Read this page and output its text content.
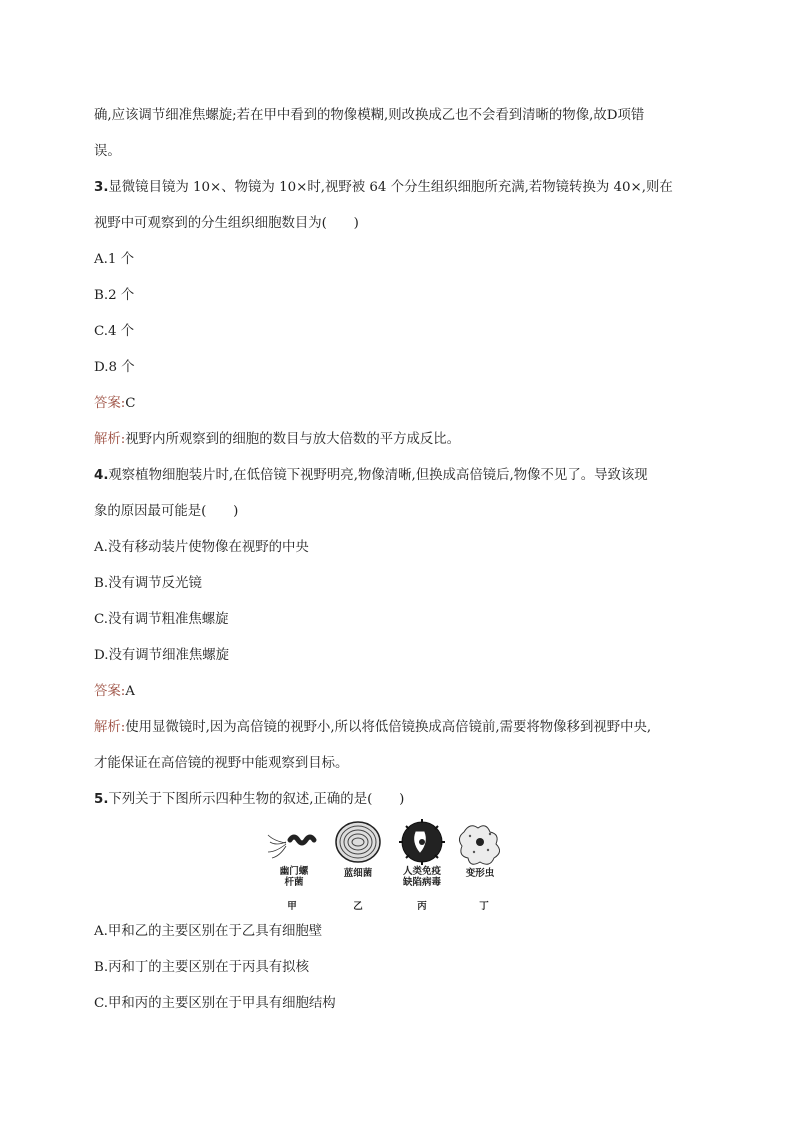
确,应该调节细准焦螺旋;若在甲中看到的物像模糊,则改换成乙也不会看到清晰的物像,故D项错
误。
3.显微镜目镜为 10×、物镜为 10×时,视野被 64 个分生组织细胞所充满,若物镜转换为 40×,则在
视野中可观察到的分生组织细胞数目为(　　)
A.1 个
B.2 个
C.4 个
D.8 个
答案:C
解析:视野内所观察到的细胞的数目与放大倍数的平方成反比。
4.观察植物细胞装片时,在低倍镜下视野明亮,物像清晰,但换成高倍镜后,物像不见了。导致该现
象的原因最可能是(　　)
A.没有移动装片使物像在视野的中央
B.没有调节反光镜
C.没有调节粗准焦螺旋
D.没有调节细准焦螺旋
答案:A
解析:使用显微镜时,因为高倍镜的视野小,所以将低倍镜换成高倍镜前,需要将物像移到视野中央,
才能保证在高倍镜的视野中能观察到目标。
5.下列关于下图所示四种生物的叙述,正确的是(　　)
幽门螺
杆菌
蓝细菌	人类免疫
缺陷病毒
变形虫
甲	乙	丙	丁
A.甲和乙的主要区别在于乙具有细胞壁
B.丙和丁的主要区别在于丙具有拟核
C.甲和丙的主要区别在于甲具有细胞结构
